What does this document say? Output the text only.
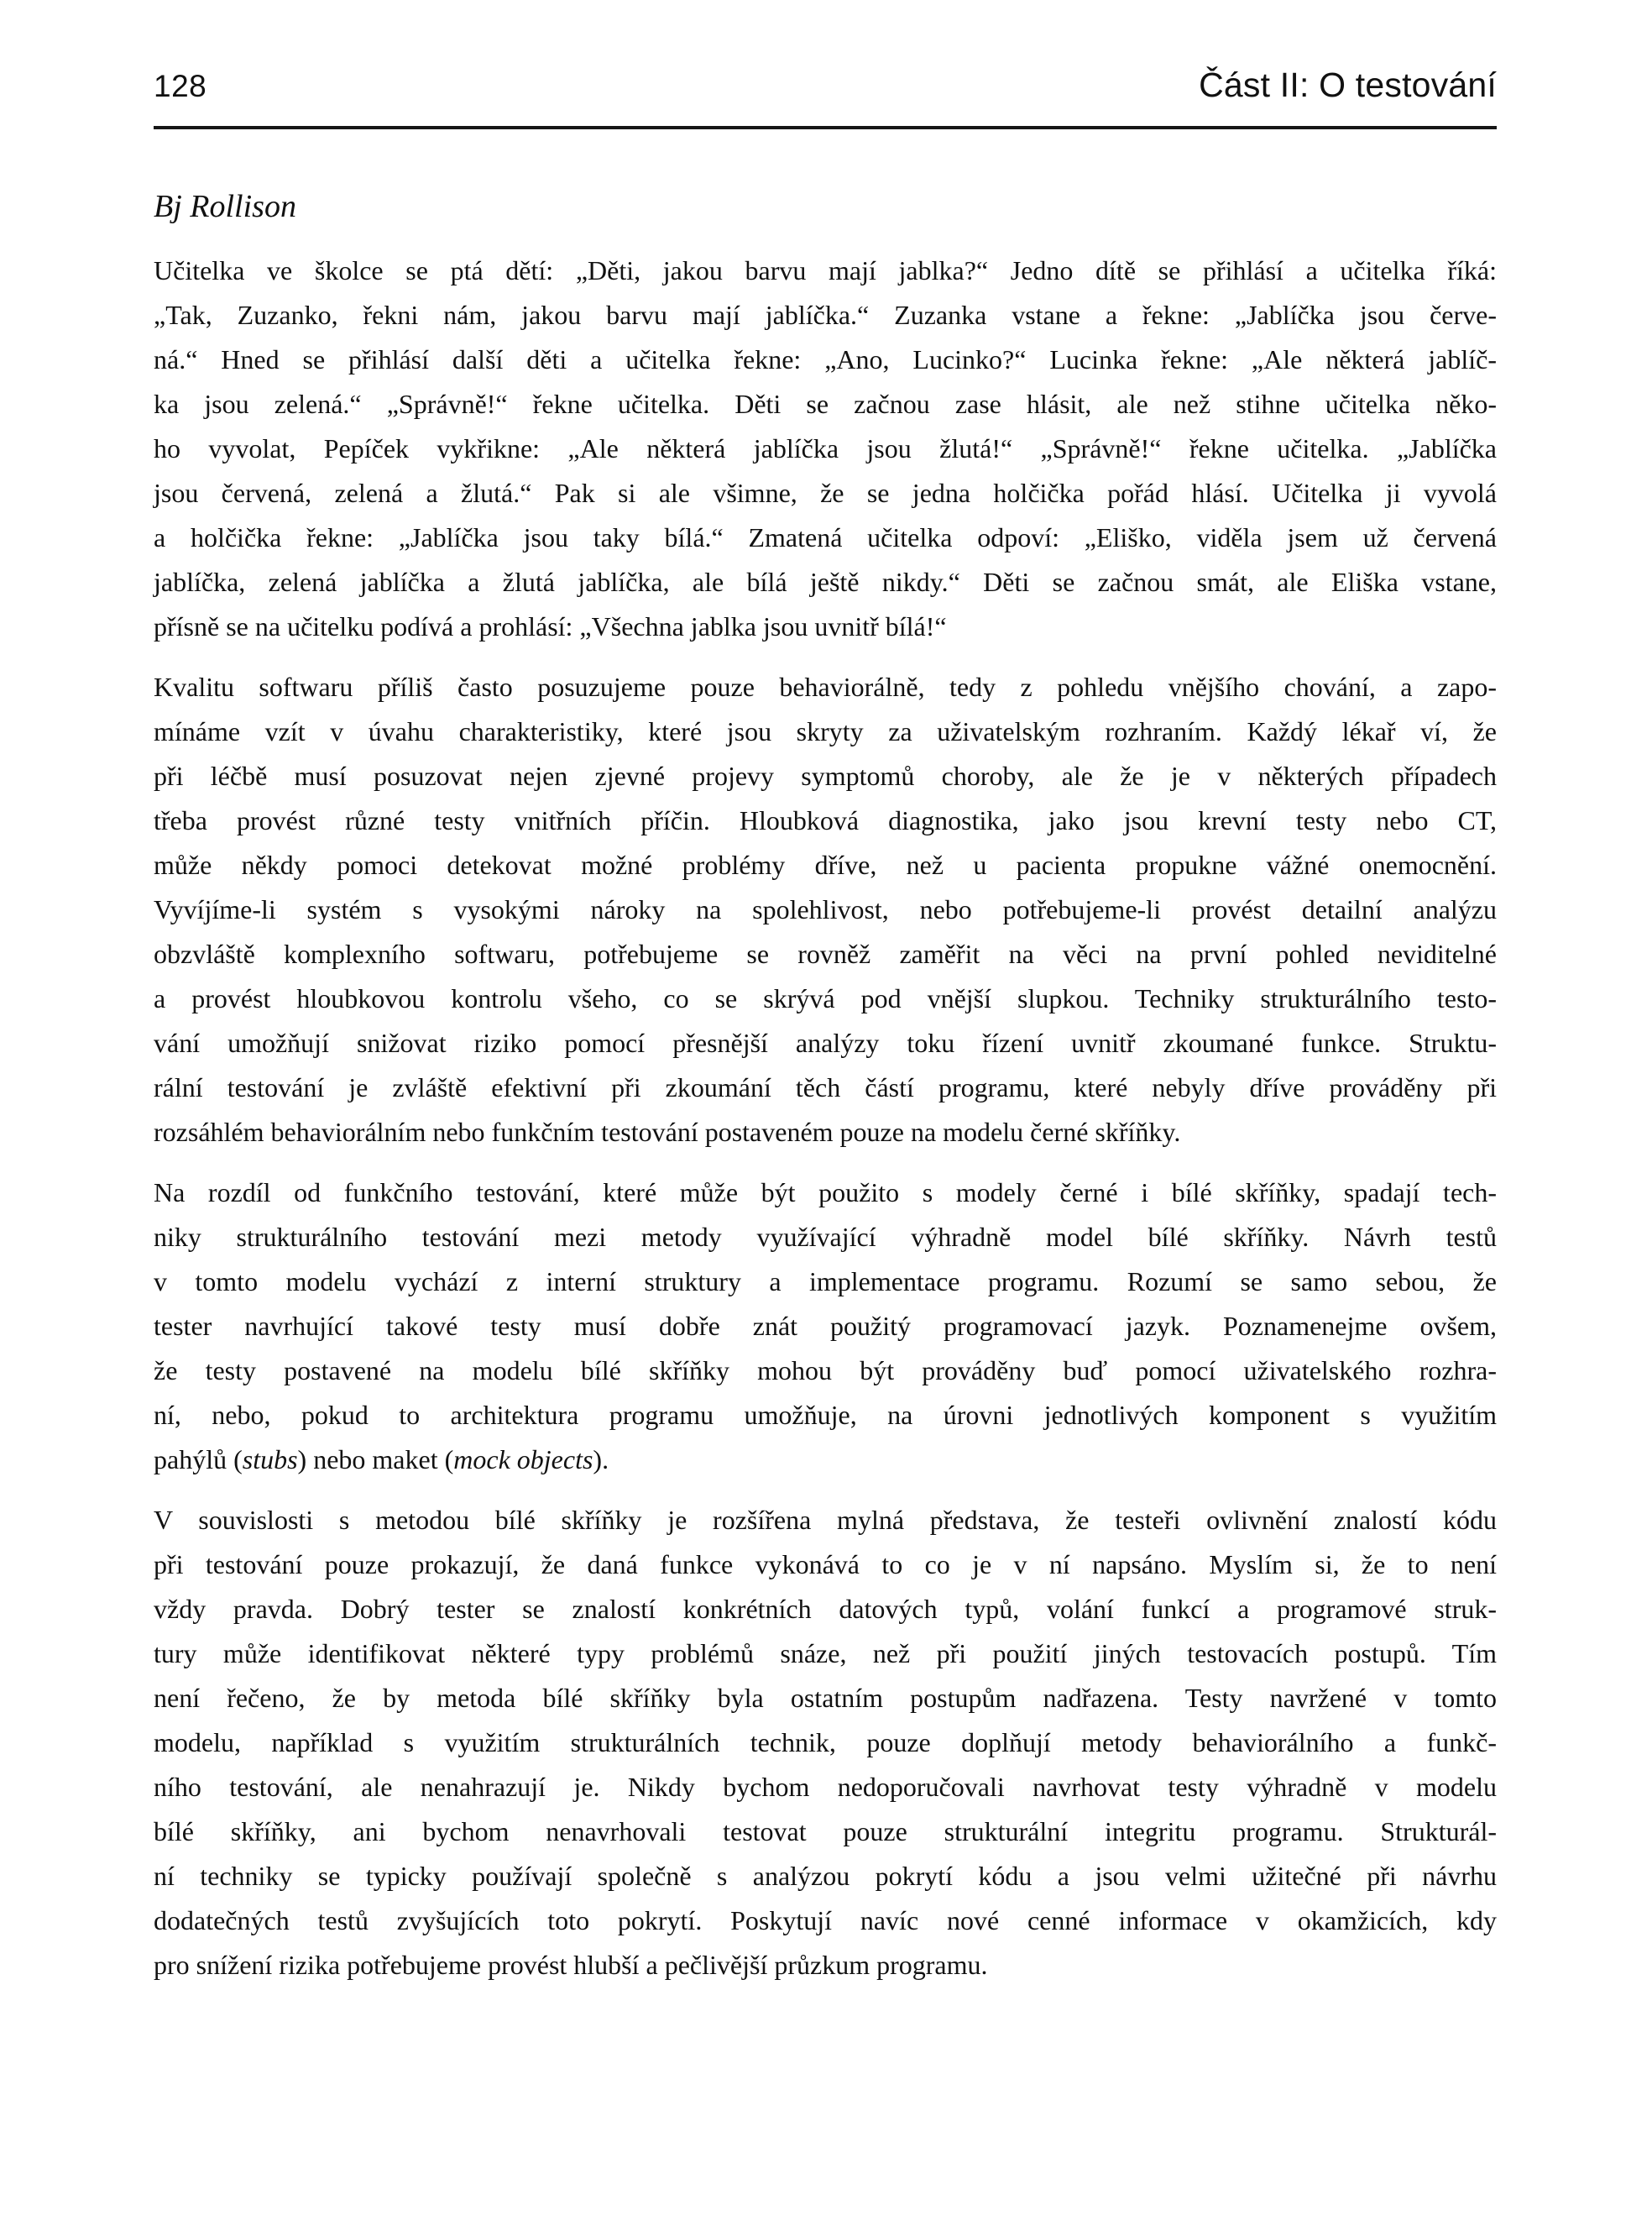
128	Část II: O testování
Bj Rollison
Učitelka ve školce se ptá dětí: „Děti, jakou barvu mají jablka?“ Jedno dítě se přihlásí a učitelka říká:
„Tak, Zuzanko, řekni nám, jakou barvu mají jablíčka.“ Zuzanka vstane a řekne: „Jablíčka jsou červe-
ná.“ Hned se přihlásí další děti a učitelka řekne: „Ano, Lucinko?“ Lucinka řekne: „Ale některá jablíč-
ka jsou zelená.“ „Správně!“ řekne učitelka. Děti se začnou zase hlásit, ale než stihne učitelka něko-
ho vyvolat, Pepíček vykřikne: „Ale některá jablíčka jsou žlutá!“ „Správně!“ řekne učitelka. „Jablíčka
jsou červená, zelená a žlutá.“ Pak si ale všimne, že se jedna holčička pořád hlásí. Učitelka ji vyvolá
a holčička řekne: „Jablíčka jsou taky bílá.“ Zmatená učitelka odpoví: „Eliško, viděla jsem už červená
jablíčka, zelená jablíčka a žlutá jablíčka, ale bílá ještě nikdy.“ Děti se začnou smát, ale Eliška vstane,
přísně se na učitelku podívá a prohlásí: „Všechna jablka jsou uvnitř bílá!“
Kvalitu softwaru příliš často posuzujeme pouze behaviorálně, tedy z pohledu vnějšího chování, a zapo-
mínáme vzít v úvahu charakteristiky, které jsou skryty za uživatelským rozhraním. Každý lékař ví, že
při léčbě musí posuzovat nejen zjevné projevy symptomů choroby, ale že je v některých případech
třeba provést různé testy vnitřních příčin. Hloubková diagnostika, jako jsou krevní testy nebo CT,
může někdy pomoci detekovat možné problémy dříve, než u pacienta propukne vážné onemocnění.
Vyvíjíme-li systém s vysokými nároky na spolehlivost, nebo potřebujeme-li provést detailní analýzu
obzvláště komplexního softwaru, potřebujeme se rovněž zaměřit na věci na první pohled neviditelné
a provést hloubkovou kontrolu všeho, co se skrývá pod vnější slupkou. Techniky strukturálního testo-
vání umožňují snižovat riziko pomocí přesnější analýzy toku řízení uvnitř zkoumané funkce. Struktu-
rální testování je zvláště efektivní při zkoumání těch částí programu, které nebyly dříve prováděny při
rozsáhlém behaviorálním nebo funkčním testování postaveném pouze na modelu černé skříňky.
Na rozdíl od funkčního testování, které může být použito s modely černé i bílé skříňky, spadají tech-
niky strukturálního testování mezi metody využívající výhradně model bílé skříňky. Návrh testů
v tomto modelu vychází z interní struktury a implementace programu. Rozumí se samo sebou, že
tester navrhující takové testy musí dobře znát použitý programovací jazyk. Poznamenejme ovšem,
že testy postavené na modelu bílé skříňky mohou být prováděny buď pomocí uživatelského rozhra-
ní, nebo, pokud to architektura programu umožňuje, na úrovni jednotlivých komponent s využitím
pahýlů (stubs) nebo maket (mock objects).
V souvislosti s metodou bílé skříňky je rozšířena mylná představa, že testeři ovlivnění znalostí kódu
při testování pouze prokazují, že daná funkce vykonává to co je v ní napsáno. Myslím si, že to není
vždy pravda. Dobrý tester se znalostí konkrétních datových typů, volání funkcí a programové struk-
tury může identifikovat některé typy problémů snáze, než při použití jiných testovacích postupů. Tím
není řečeno, že by metoda bílé skříňky byla ostatním postupům nadřazena. Testy navržené v tomto
modelu, například s využitím strukturálních technik, pouze doplňují metody behaviorálního a funkč-
ního testování, ale nenahrazují je. Nikdy bychom nedoporučovali navrhovat testy výhradně v modelu
bílé skříňky, ani bychom nenavrhovali testovat pouze strukturální integritu programu. Strukturál-
ní techniky se typicky používají společně s analýzou pokrytí kódu a jsou velmi užitečné při návrhu
dodatečných testů zvyšujících toto pokrytí. Poskytují navíc nové cenné informace v okamžicích, kdy
pro snížení rizika potřebujeme provést hlubší a pečlivější průzkum programu.
